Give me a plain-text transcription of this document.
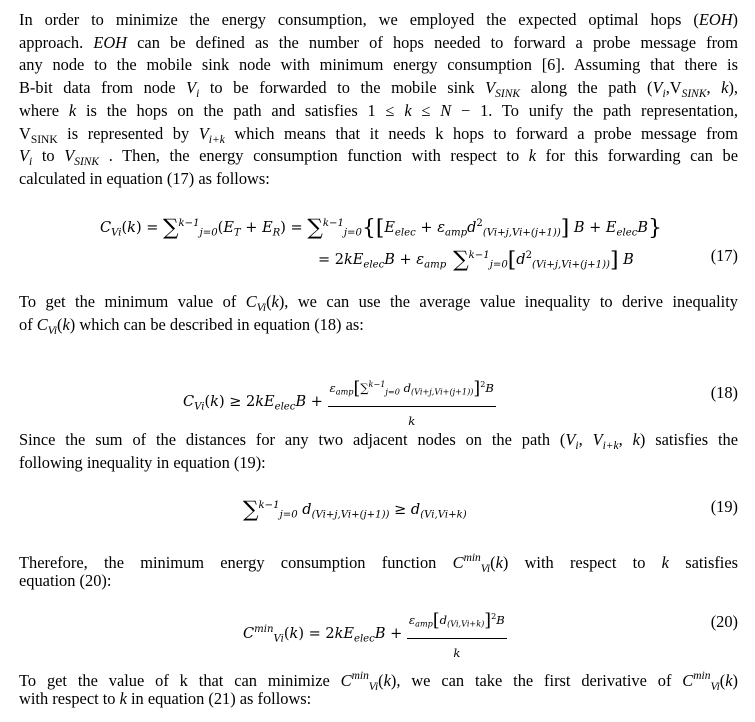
In order to minimize the energy consumption, we employed the expected optimal hops (EOH)
approach. EOH can be defined as the number of hops needed to forward a probe message from
any node to the mobile sink node with minimum energy consumption [6]. Assuming that there is
B-bit data from node $V_i$ to be forwarded to the mobile sink $V_{SINK}$ along the path ($V_i,V_{SINK}$, k),
where k is the hops on the path and satisfies 1 ≤ k ≤ N − 1. To unify the path representation,
$V_{SINK}$ is represented by $V_{i+k}$ which means that it needs k hops to forward a probe message from
$V_i$ to $V_{SINK}$ . Then, the energy consumption function with respect to k for this forwarding can be
calculated in equation (17) as follows:
$C_{Vi}(k) = \sum^{k-1}_{j=0}(E_T + E_R) = \sum^{k-1}_{j=0}\{[E_{elec} + \varepsilon_{amp}d^2_{(Vi+j,Vi+(j+1))}] B + E_{elec}B\}$
= $2kE_{elec}B + \varepsilon_{amp}$ $\sum^{k-1}_{j=0}[d^2_{(Vi+j,Vi+(j+1))}]$ B	(17)
To get the minimum value of $C_{Vi}(k)$, we can use the average value inequality to derive inequality
of $C_{Vi}(k)$ which can be described in equation (18) as:
$C_{Vi}(k) \ge 2kE_{elec}B + \frac{\varepsilon_{amp}[\sum^{k-1}_{j=0} d_{(Vi+j,Vi+(j+1))}]^2B}{k}$	(18)
Since the sum of the distances for any two adjacent nodes on the path ($V_i$, $V_{i+k}$, k) satisfies the
following inequality in equation (19):
∑$^{k-1}_{j=0}$ $d_{(Vi+j,Vi+(j+1))} \ge d_{(Vi,Vi+k)}$	(19)
Therefore, the minimum energy consumption function $C^{min}_{Vi}(k)$ with respect to k satisfies
equation (20):
$C^{min}_{Vi}(k) = 2kE_{elec}B + \frac{\varepsilon_{amp}[d_{(Vi,Vi+k)}]^2B}{k}$	(20)
To get the value of k that can minimize $C^{min}_{Vi}(k)$, we can take the first derivative of $C^{min}_{Vi}(k)$
with respect to k in equation (21) as follows:
